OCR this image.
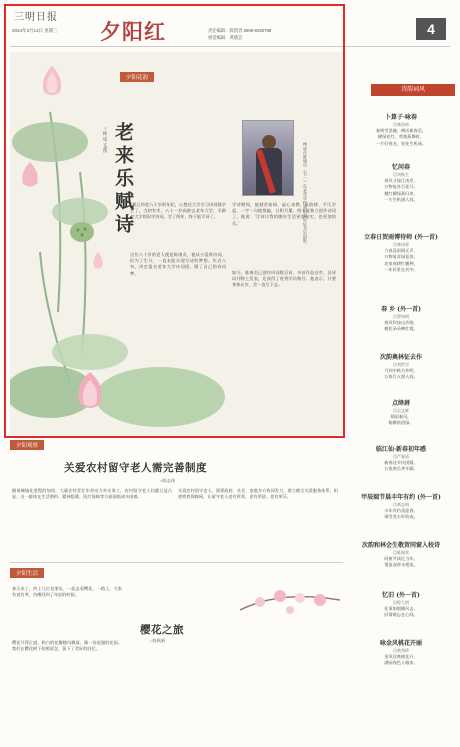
三明日报
2024年3月13日 星期三 夕阳红	责任编辑：陈凯容 0598-8250798
视觉编辑：黄晓芸
4
夕阳花韵
老来乐赋诗
○林 成 文/图
“我已经吃八十岁的年纪，心想还大学学习诗词都学会了。当初有幸，八十一岁高龄去老年大学，半路老大学的旧学诗词，学了两年，终于能写诗了。
这位八十岁的老人便是陈康贞，他从小喜欢诗词，但为了生计，一直未能实现写诗的梦想。年近八旬，决定报名老年大学诗词班，圆了自己的诗词梦。
学诗期间，他刻苦钻研，虚心求教，从韵律、平仄学起，一字一句地推敲，日积月累，终于能独立创作诗词了。他说：‘写诗让我的晚年生活更加充实，也更加快乐。’
如今，陈康贞已创作诗词数百首，多首作品在市、县诗词刊物上发表，还获得了优秀学员称号。他表示，只要身体允许，会一直写下去。
林成在陈康贞（右一）在老年学校领取奖证证书后留影。
夕阳观察
关爱农村留守老人需完善制度
○陈志伟
随着城镇化进程的加快，大量农村青壮年劳动力外出务工，农村留守老人问题日益凸显。这一群体在生活照料、精神慰藉、医疗保障等方面面临诸多困难。
关爱农村留守老人，需要政府、社会、家庭多方协同发力，建立健全关爱服务体系，织密兜底保障网，让留守老人老有所养、老有所依、老有所乐。
夕阳生活
樱花之旅
○陈秋娟
春天来了，约上几位老朋友，一起去看樱花。一路上，大家有说有笑，仿佛回到了年轻的时候。
樱花开得正盛，粉白的花瓣随风飘落，像一场浪漫的花雨。我们在樱花树下拍照留念，留下了美好的回忆。
诗韵词风
卜算子·咏春
◎林昌伟
春到雪消融，梅送新春至。
柳绿花红，莺歌燕舞时。
一片好春光，处处生机丽。
忆问春
◎刘秋生
春风又绿江南岸，
万物复苏百花开。
桃红柳绿燕归来，
一片生机满人间。
立春日贺雨博待师 (外一首)
◎林诗荣
立春喜雨润无声，
万物复苏绿意浓。
农家春耕忙播种，
一年好景在其中。
春 乡 (外一首)
◎罗伟明
春风吹绿山乡路，
桃花朵朵映红霞。
次韵奥林征去作
◎刘世宗
月到中秋分外明，
万家灯火照人间。
点绛唇
◎吴文辉
细雨春风，
杨柳依依绿。
临江仙·新春初年感
◎严春清
新春佳节庆团圆，
万家欢乐笑开颜。
甲辰端节晨丰年有约 (外一首)
◎黄志明
丰年有约喜迎春，
瑞雪兆丰好收成。
次韵和林会生敬贺同窗入校诗
◎陈保荣
同窗共读忆当年，
情谊深厚永相连。
忆旧 (外一首)
◎程大明
往事如烟随风去，
旧情难忘在心间。
咏金风桃花开丽
◎黄秀珍
金风送爽桃花开，
满园春色入眼来。
